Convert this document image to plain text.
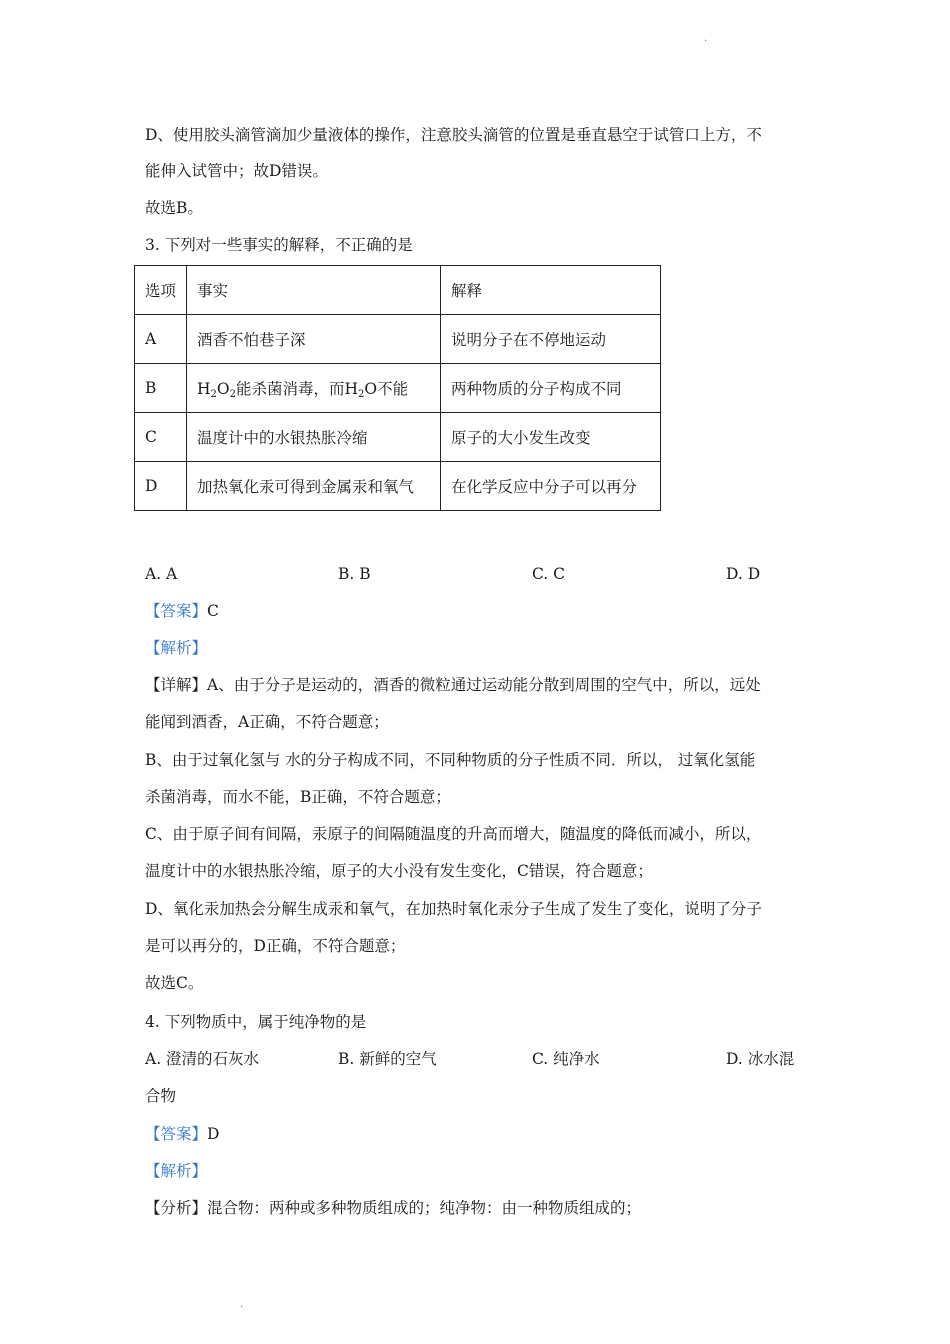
·
D、使用胶头滴管滴加少量液体的操作，注意胶头滴管的位置是垂直悬空于试管口上方，不
能伸入试管中；故D错误。
故选B。
3. 下列对一些事实的解释，不正确的是
选项	事实	解释
A	酒香不怕巷子深	说明分子在不停地运动
B	$H_2O_2$能杀菌消毒，而$H_2O$不能	两种物质的分子构成不同
C	温度计中的水银热胀冷缩	原子的大小发生改变
D	加热氧化汞可得到金属汞和氧气	在化学反应中分子可以再分
A. A	B. B	C. C	D. D
【答案】C
【解析】
【详解】A、由于分子是运动的，酒香的微粒通过运动能分散到周围的空气中，所以，远处
能闻到酒香，A正确，不符合题意；
B、由于过氧化氢与 水的分子构成不同，不同种物质的分子性质不同．所以， 过氧化氢能
杀菌消毒，而水不能，B正确，不符合题意；
C、由于原子间有间隔，汞原子的间隔随温度的升高而增大，随温度的降低而减小，所以，
温度计中的水银热胀冷缩，原子的大小没有发生变化，C错误，符合题意；
D、氧化汞加热会分解生成汞和氧气，在加热时氧化汞分子生成了发生了变化，说明了分子
是可以再分的，D正确，不符合题意；
故选C。
4. 下列物质中，属于纯净物的是
A. 澄清的石灰水	B. 新鲜的空气	C. 纯净水	D. 冰水混
合物
【答案】D
【解析】
【分析】混合物：两种或多种物质组成的；纯净物：由一种物质组成的；
·
